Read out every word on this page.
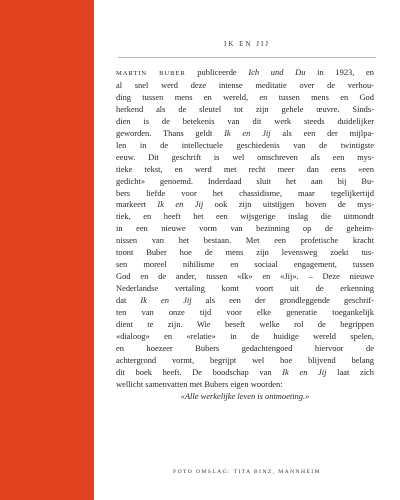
IK EN JIJ
MARTIN BUBER publiceerde Ich und Du in 1923, en
al snel werd deze intense meditatie over de verhou-
ding tussen mens en wereld, en tussen mens en God
herkend als de sleutel tot zijn gehele œuvre. Sinds-
dien is de betekenis van dit werk steeds duidelijker
geworden. Thans geldt Ik en Jij als een der mijlpa-
len in de intellectuele geschiedenis van de twintigste
eeuw. Dit geschrift is wel omschreven als een mys-
tieke tekst, en werd met recht meer dan eens «een
gedicht» genoemd. Inderdaad sluit het aan bij Bu-
bers liefde voor het chassidisme, maar tegelijkertijd
markeert Ik en Jij ook zijn uitstijgen boven de mys-
tiek, en heeft het een wijsgerige inslag die uitmondt
in een nieuwe vorm van bezinning op de geheim-
nissen van het bestaan. Met een profetische kracht
toont Buber hoe de mens zijn levensweg zoekt tus-
sen moreel nihilisme en sociaal engagement, tussen
God en de ander, tussen «Ik» en «Jij». – Deze nieuwe
Nederlandse vertaling komt voort uit de erkenning
dat Ik en Jij als een der grondleggende geschrif-
ten van onze tijd voor elke generatie toegankelijk
dient te zijn. Wie beseft welke rol de begrippen
«dialoog» en «relatie» in de huidige wereld spelen,
en hoezeer Bubers gedachtengoed hiervoor de
achtergrond vormt, begrijpt wel hoe blijvend belang
dit boek heeft. De boodschap van Ik en Jij laat zich
wellicht samenvatten met Bubers eigen woorden:
«Alle werkelijke leven is ontmoeting.»
FOTO OMSLAG: TITA BINZ, MANNHEIM
